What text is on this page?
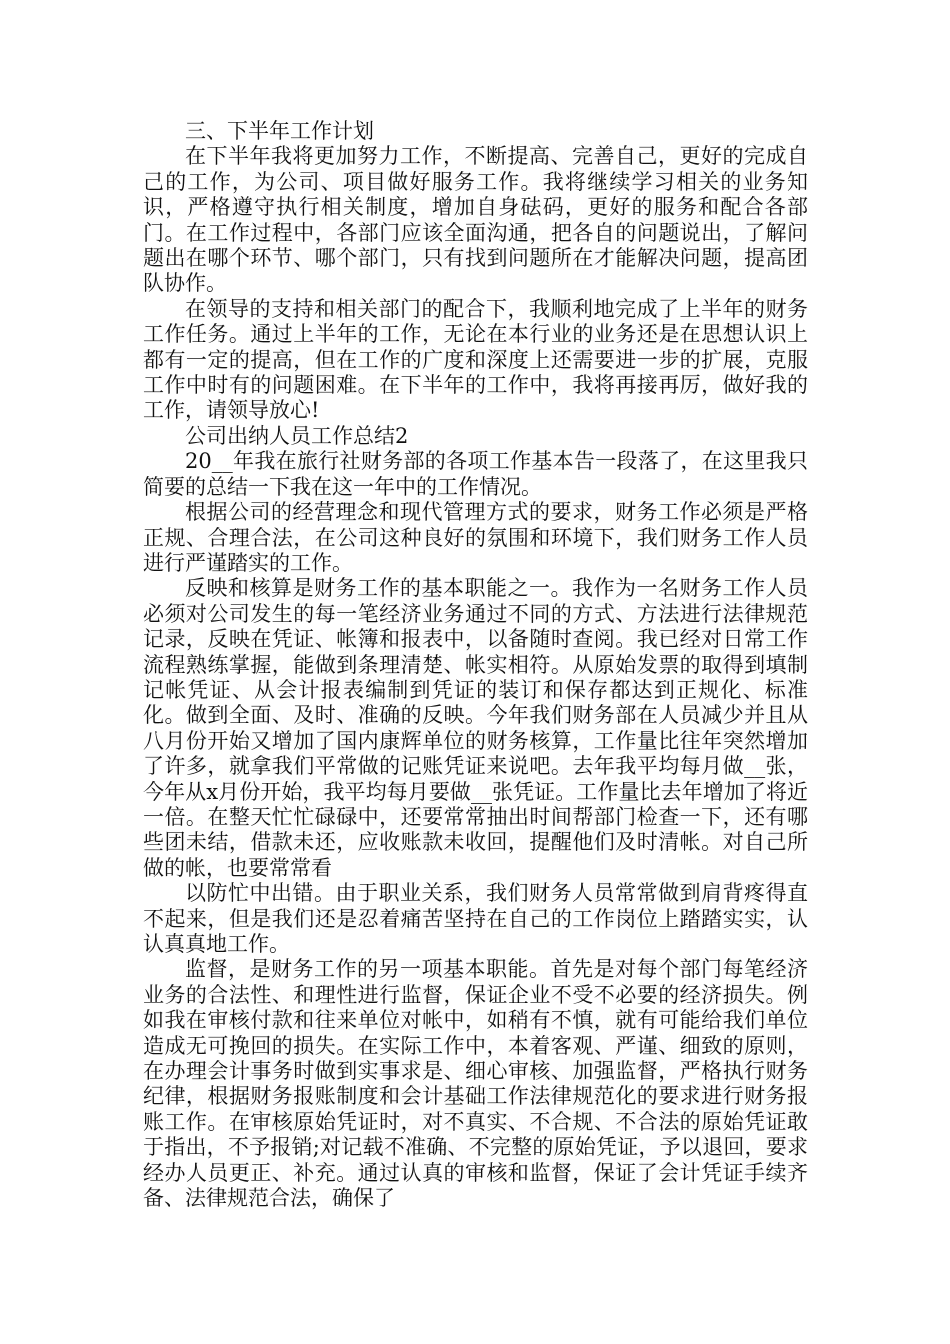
三、下半年工作计划

在下半年我将更加努力工作，不断提高、完善自己，更好的完成自己的工作，为公司、项目做好服务工作。我将继续学习相关的业务知识，严格遵守执行相关制度，增加自身砝码，更好的服务和配合各部门。在工作过程中，各部门应该全面沟通，把各自的问题说出，了解问题出在哪个环节、哪个部门，只有找到问题所在才能解决问题，提高团队协作。

在领导的支持和相关部门的配合下，我顺利地完成了上半年的财务工作任务。通过上半年的工作，无论在本行业的业务还是在思想认识上都有一定的提高，但在工作的广度和深度上还需要进一步的扩展，克服工作中时有的问题困难。在下半年的工作中，我将再接再厉，做好我的工作，请领导放心!

公司出纳人员工作总结2

20__年我在旅行社财务部的各项工作基本告一段落了，在这里我只简要的总结一下我在这一年中的工作情况。

根据公司的经营理念和现代管理方式的要求，财务工作必须是严格正规、合理合法，在公司这种良好的氛围和环境下，我们财务工作人员进行严谨踏实的工作。

反映和核算是财务工作的基本职能之一。我作为一名财务工作人员必须对公司发生的每一笔经济业务通过不同的方式、方法进行法律规范记录，反映在凭证、帐簿和报表中，以备随时查阅。我已经对日常工作流程熟练掌握，能做到条理清楚、帐实相符。从原始发票的取得到填制记帐凭证、从会计报表编制到凭证的装订和保存都达到正规化、标准化。做到全面、及时、准确的反映。今年我们财务部在人员减少并且从八月份开始又增加了国内康辉单位的财务核算，工作量比往年突然增加了许多，就拿我们平常做的记账凭证来说吧。去年我平均每月做__张，今年从x月份开始，我平均每月要做__张凭证。工作量比去年增加了将近一倍。在整天忙忙碌碌中，还要常常抽出时间帮部门检查一下，还有哪些团未结，借款未还，应收账款未收回，提醒他们及时清帐。对自己所做的帐，也要常常看

以防忙中出错。由于职业关系，我们财务人员常常做到肩背疼得直不起来，但是我们还是忍着痛苦坚持在自己的工作岗位上踏踏实实，认认真真地工作。

监督，是财务工作的另一项基本职能。首先是对每个部门每笔经济业务的合法性、和理性进行监督，保证企业不受不必要的经济损失。例如我在审核付款和往来单位对帐中，如稍有不慎，就有可能给我们单位造成无可挽回的损失。在实际工作中，本着客观、严谨、细致的原则，在办理会计事务时做到实事求是、细心审核、加强监督，严格执行财务纪律，根据财务报账制度和会计基础工作法律规范化的要求进行财务报账工作。在审核原始凭证时，对不真实、不合规、不合法的原始凭证敢于指出，不予报销;对记载不准确、不完整的原始凭证，予以退回，要求经办人员更正、补充。通过认真的审核和监督，保证了会计凭证手续齐备、法律规范合法，确保了
